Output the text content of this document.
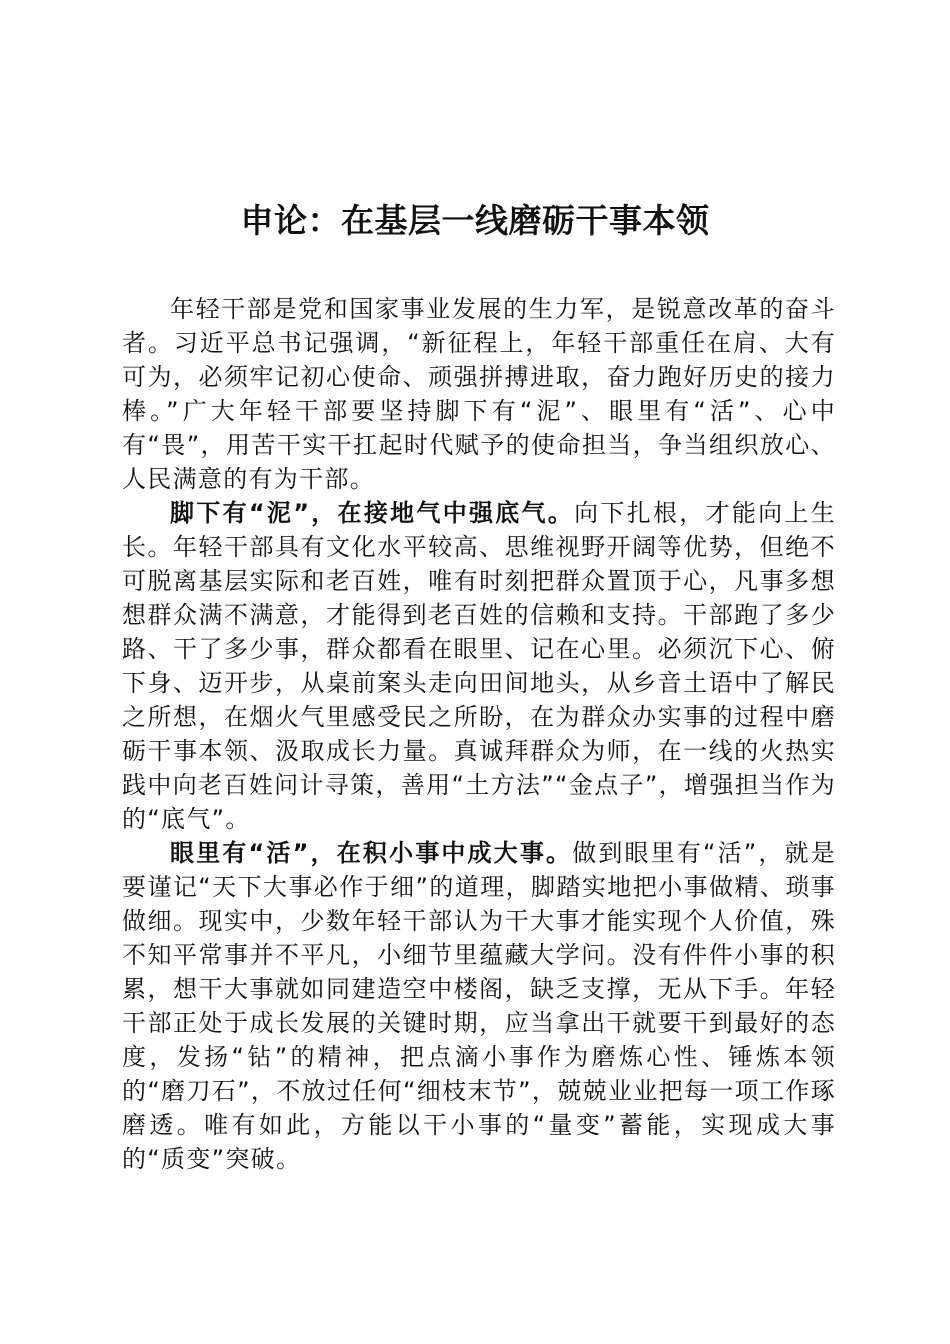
申论：在基层一线磨砺干事本领

年轻干部是党和国家事业发展的生力军，是锐意改革的奋斗者。习近平总书记强调，“新征程上，年轻干部重任在肩、大有可为，必须牢记初心使命、顽强拼搏进取，奋力跑好历史的接力棒。”广大年轻干部要坚持脚下有“泥”、眼里有“活”、心中有“畏”，用苦干实干扛起时代赋予的使命担当，争当组织放心、人民满意的有为干部。

脚下有“泥”，在接地气中强底气。向下扎根，才能向上生长。年轻干部具有文化水平较高、思维视野开阔等优势，但绝不可脱离基层实际和老百姓，唯有时刻把群众置顶于心，凡事多想想群众满不满意，才能得到老百姓的信赖和支持。干部跑了多少路、干了多少事，群众都看在眼里、记在心里。必须沉下心、俯下身、迈开步，从桌前案头走向田间地头，从乡音土语中了解民之所想，在烟火气里感受民之所盼，在为群众办实事的过程中磨砺干事本领、汲取成长力量。真诚拜群众为师，在一线的火热实践中向老百姓问计寻策，善用“土方法”“金点子”，增强担当作为的“底气”。

眼里有“活”，在积小事中成大事。做到眼里有“活”，就是要谨记“天下大事必作于细”的道理，脚踏实地把小事做精、琐事做细。现实中，少数年轻干部认为干大事才能实现个人价值，殊不知平常事并不平凡，小细节里蕴藏大学问。没有件件小事的积累，想干大事就如同建造空中楼阁，缺乏支撑，无从下手。年轻干部正处于成长发展的关键时期，应当拿出干就要干到最好的态度，发扬“钻”的精神，把点滴小事作为磨炼心性、锤炼本领的“磨刀石”，不放过任何“细枝末节”，兢兢业业把每一项工作琢磨透。唯有如此，方能以干小事的“量变”蓄能，实现成大事的“质变”突破。
